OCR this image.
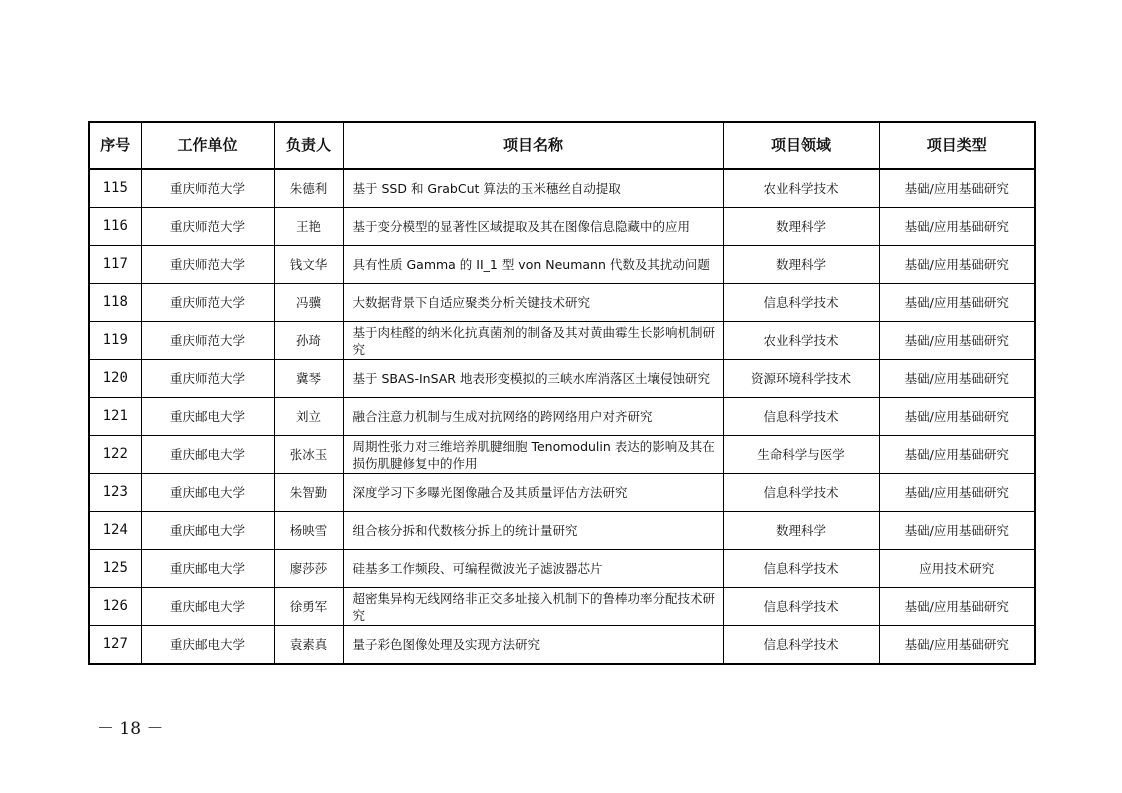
序号	工作单位	负责人	项目名称	项目领域	项目类型
115	重庆师范大学	朱德利	基于 SSD 和 GrabCut 算法的玉米穗丝自动提取	农业科学技术	基础/应用基础研究
116	重庆师范大学	王艳	基于变分模型的显著性区域提取及其在图像信息隐藏中的应用	数理科学	基础/应用基础研究
117	重庆师范大学	钱文华	具有性质 Gamma 的 II_1 型 von Neumann 代数及其扰动问题	数理科学	基础/应用基础研究
118	重庆师范大学	冯骥	大数据背景下自适应聚类分析关键技术研究	信息科学技术	基础/应用基础研究
119	重庆师范大学	孙琦	基于肉桂醛的纳米化抗真菌剂的制备及其对黄曲霉生长影响机制研究	农业科学技术	基础/应用基础研究
120	重庆师范大学	冀琴	基于 SBAS-InSAR 地表形变模拟的三峡水库消落区土壤侵蚀研究	资源环境科学技术	基础/应用基础研究
121	重庆邮电大学	刘立	融合注意力机制与生成对抗网络的跨网络用户对齐研究	信息科学技术	基础/应用基础研究
122	重庆邮电大学	张冰玉	周期性张力对三维培养肌腱细胞 Tenomodulin 表达的影响及其在损伤肌腱修复中的作用	生命科学与医学	基础/应用基础研究
123	重庆邮电大学	朱智勤	深度学习下多曝光图像融合及其质量评估方法研究	信息科学技术	基础/应用基础研究
124	重庆邮电大学	杨映雪	组合核分拆和代数核分拆上的统计量研究	数理科学	基础/应用基础研究
125	重庆邮电大学	廖莎莎	硅基多工作频段、可编程微波光子滤波器芯片	信息科学技术	应用技术研究
126	重庆邮电大学	徐勇军	超密集异构无线网络非正交多址接入机制下的鲁棒功率分配技术研究	信息科学技术	基础/应用基础研究
127	重庆邮电大学	袁素真	量子彩色图像处理及实现方法研究	信息科学技术	基础/应用基础研究
－ 18 －
